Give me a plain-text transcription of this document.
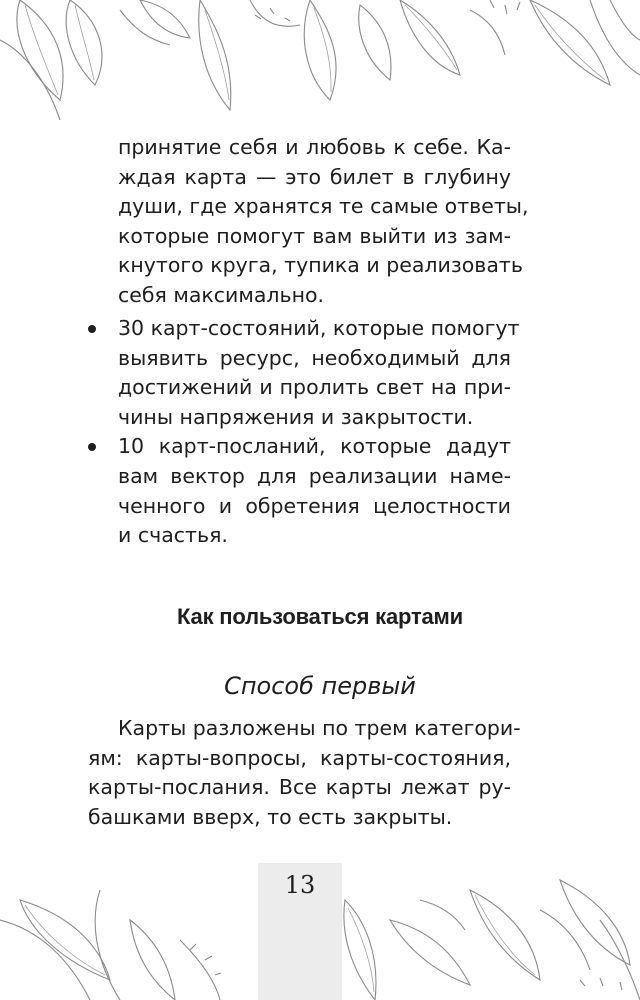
принятие себя и любовь к себе. Ка-
ждая карта — это билет в глубину
души, где хранятся те самые ответы,
которые помогут вам выйти из зам-
кнутого круга, тупика и реализовать
себя максимально.
30 карт-состояний, которые помогут
выявить ресурс, необходимый для
достижений и пролить свет на при-
чины напряжения и закрытости.
10 карт-посланий, которые дадут
вам вектор для реализации наме-
ченного и обретения целостности
и счастья.
Как пользоваться картами
Способ первый
Карты разложены по трем категори-
ям: карты-вопросы, карты-состояния,
карты-послания. Все карты лежат ру-
башками вверх, то есть закрыты.
13
